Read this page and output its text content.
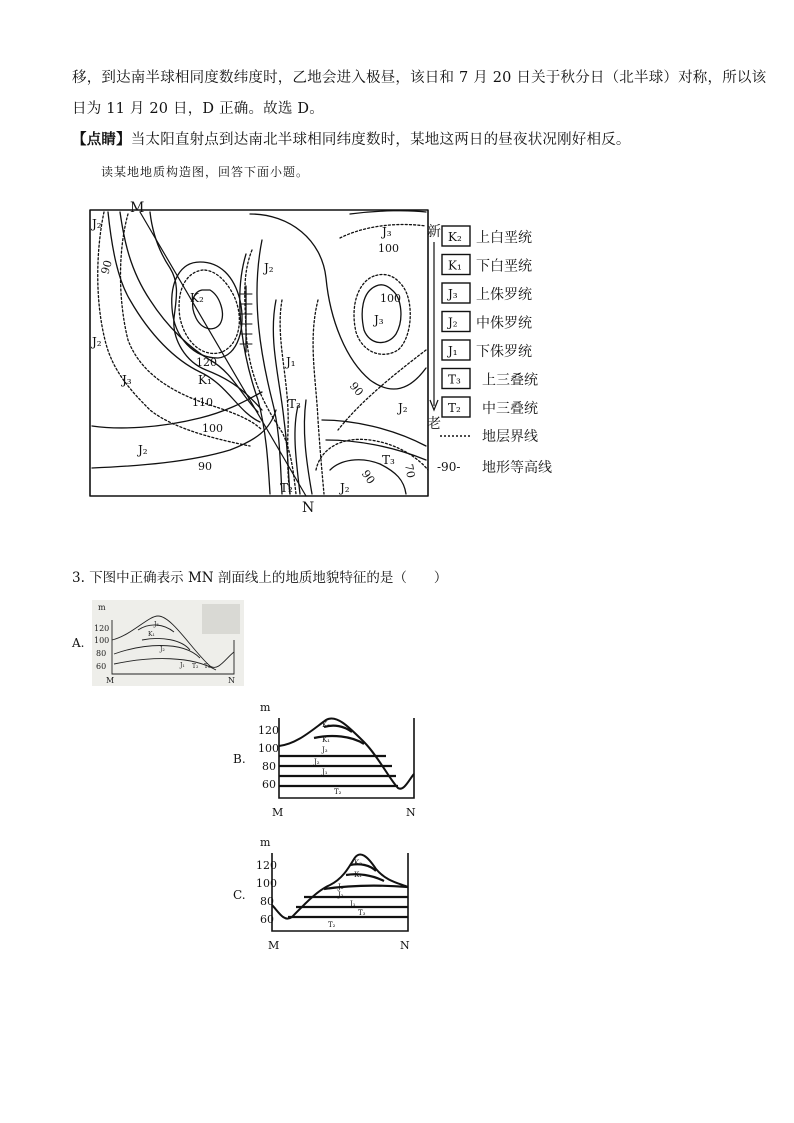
移，到达南半球相同度数纬度时，乙地会进入极昼，该日和 7 月 20 日关于秋分日（北半球）对称，所以该
日为 11 月 20 日，D 正确。故选 D。
【点睛】当太阳直射点到达南北半球相同纬度数时，某地这两日的昼夜状况刚好相反。
读某地地质构造图，回答下面小题。
M
N
J₂
J₂
J₂
J₂
J₂
J₂
J₃
J₃
J₃
K₂
K₁
J₁
T₃
T₃
T₂
90
90
90
90
100
100
100
110
120
70
新
老
K₂ 上白垩统
K₁ 下白垩统
J₃ 上侏罗统
J₂ 中侏罗统
J₁ 下侏罗统
T₃ 上三叠统
T₂ 中三叠统
地层界线
-90- 地形等高线
3. 下图中正确表示 MN 剖面线上的地质地貌特征的是（　　）
A.
m
120
100
80
60
M	N
J₃
K₁
J₂
J₁ T₂ T₃
B.
m
120
100
80
60
M	N
K₂
K₁
J₃
J₂
J₁
T₂
C.
m
120
100
80
60
M	N
K₂
K₁
J₃
J₂
J₁
T₃
T₂
